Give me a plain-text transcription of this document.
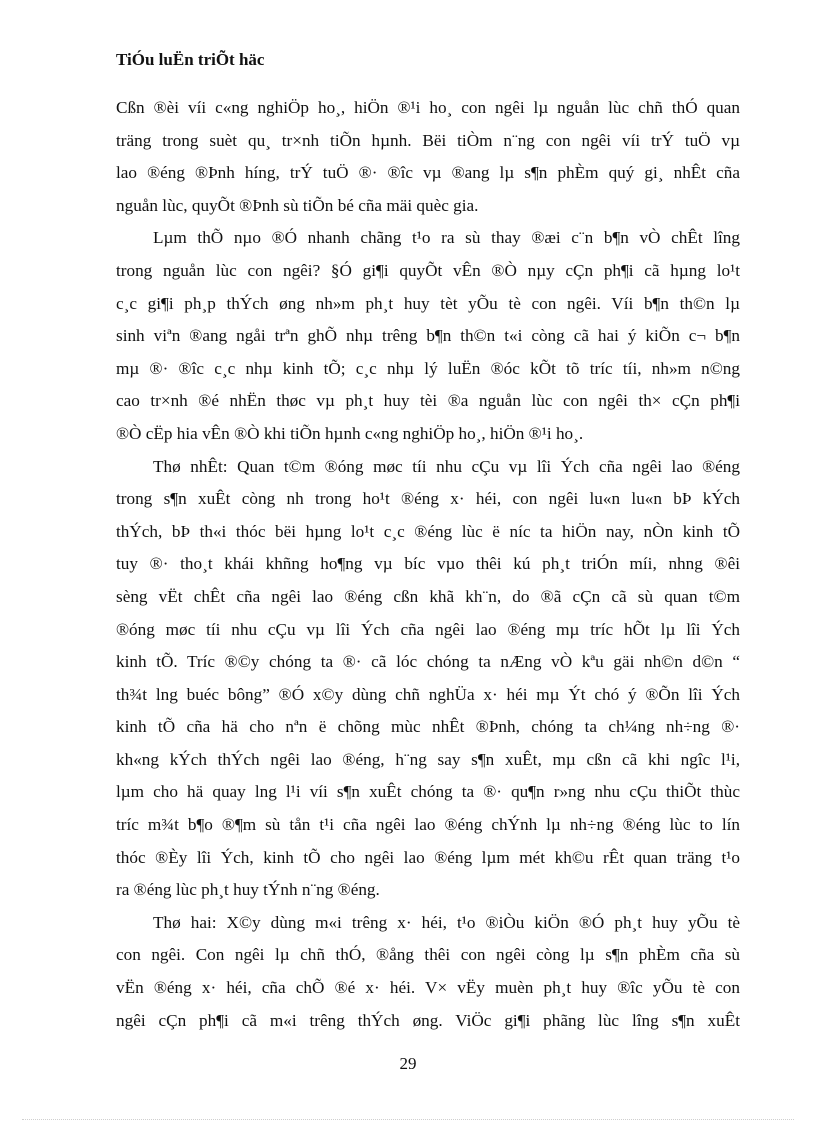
TiÓu luËn triÕt häc
Cßn ®èi víi c«ng nghiÖp ho¸, hiÖn ®¹i ho¸ con ngêi lµ nguån lùc chñ thÓ quan
träng trong suèt qu¸ tr×nh tiÕn hµnh. Bëi tiÒm n¨ng con ngêi víi trÝ tuÖ vµ
lao ®éng ®Þnh híng, trÝ tuÖ ®· ®îc vµ ®ang lµ s¶n phÈm quý gi¸ nhÊt cña
nguån lùc, quyÕt ®Þnh sù tiÕn bé cña mäi quèc gia.
Lµm thÕ nµo ®Ó nhanh chãng t¹o ra sù thay ®æi c¨n b¶n vÒ chÊt lîng
trong nguån lùc con ngêi? §Ó gi¶i quyÕt vÊn ®Ò nµy cÇn ph¶i cã hµng lo¹t
c¸c gi¶i ph¸p thÝch øng nh»m ph¸t huy tèt yÕu tè con ngêi. Víi b¶n th©n lµ
sinh viªn ®ang ngåi trªn ghÕ nhµ trêng b¶n th©n t«i còng cã hai ý kiÕn c¬ b¶n
mµ ®· ®îc c¸c nhµ kinh tÕ; c¸c nhµ lý luËn ®óc kÕt tõ tríc tíi, nh»m n©ng
cao tr×nh ®é nhËn thøc vµ ph¸t huy tèi ®a nguån lùc con ngêi th× cÇn ph¶i
®Ò cËp hia vÊn ®Ò khi tiÕn hµnh c«ng nghiÖp ho¸, hiÖn ®¹i ho¸.
Thø nhÊt: Quan t©m ®óng møc tíi nhu cÇu vµ lîi Ých cña ngêi lao ®éng
trong s¶n xuÊt còng nh trong ho¹t ®éng x· héi, con ngêi lu«n lu«n bÞ kÝch
thÝch, bÞ th«i thóc bëi hµng lo¹t c¸c ®éng lùc ë níc ta hiÖn nay, nÒn kinh tÕ
tuy ®· tho¸t khái khñng ho¶ng vµ bíc vµo thêi kú ph¸t triÓn míi, nhng ®êi
sèng vËt chÊt cña ngêi lao ®éng cßn khã kh¨n, do ®ã cÇn cã sù quan t©m
®óng møc tíi nhu cÇu vµ lîi Ých cña ngêi lao ®éng mµ tríc hÕt lµ lîi Ých
kinh tÕ. Tríc ®©y chóng ta ®· cã lóc chóng ta nÆng vÒ kªu gäi nh©n d©n “
th¾t lng buéc bông” ®Ó x©y dùng chñ nghÜa x· héi mµ Ýt chó ý ®Õn lîi Ých
kinh tÕ cña hä cho nªn ë chõng mùc nhÊt ®Þnh, chóng ta ch¼ng nh÷ng ®·
kh«ng kÝch thÝch ngêi lao ®éng, h¨ng say s¶n xuÊt, mµ cßn cã khi ngîc l¹i,
lµm cho hä quay lng l¹i víi s¶n xuÊt chóng ta ®· qu¶n r»ng nhu cÇu thiÕt thùc
tríc m¾t b¶o ®¶m sù tån t¹i cña ngêi lao ®éng chÝnh lµ nh÷ng ®éng lùc to lín
thóc ®Èy lîi Ých, kinh tÕ cho ngêi lao ®éng lµm mét kh©u rÊt quan träng t¹o
ra ®éng lùc ph¸t huy tÝnh n¨ng ®éng.
Thø hai: X©y dùng m«i trêng x· héi, t¹o ®iÒu kiÖn ®Ó ph¸t huy yÕu tè
con ngêi. Con ngêi lµ chñ thÓ, ®ång thêi con ngêi còng lµ s¶n phÈm cña sù
vËn ®éng x· héi, cña chÕ ®é x· héi. V× vËy muèn ph¸t huy ®îc yÕu tè con
ngêi cÇn ph¶i cã m«i trêng thÝch øng. ViÖc gi¶i phãng lùc lîng s¶n xuÊt
29
